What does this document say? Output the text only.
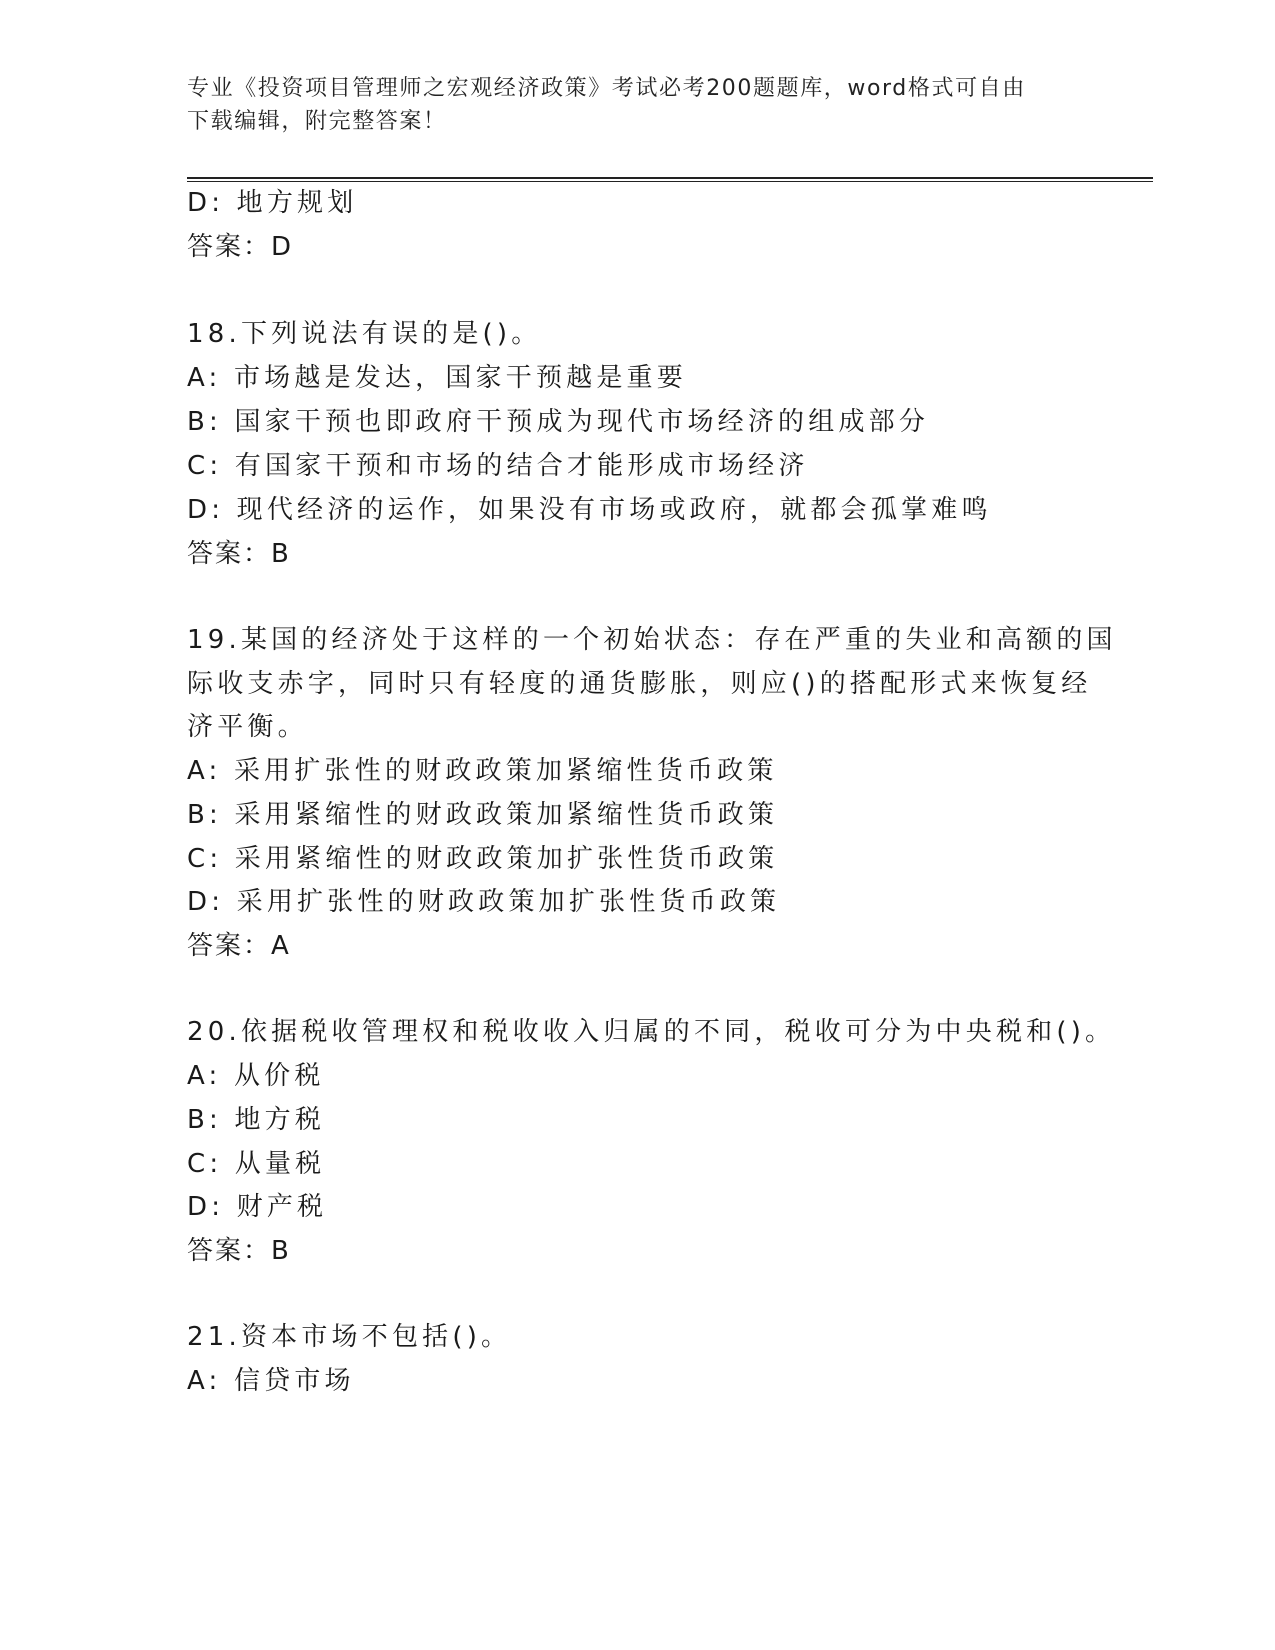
专业《投资项目管理师之宏观经济政策》考试必考200题题库，word格式可自由
下载编辑，附完整答案！
D: 地方规划
答案：D
18.下列说法有误的是()。
A: 市场越是发达，国家干预越是重要
B: 国家干预也即政府干预成为现代市场经济的组成部分
C: 有国家干预和市场的结合才能形成市场经济
D: 现代经济的运作，如果没有市场或政府，就都会孤掌难鸣
答案：B
19.某国的经济处于这样的一个初始状态：存在严重的失业和高额的国
际收支赤字，同时只有轻度的通货膨胀，则应()的搭配形式来恢复经
济平衡。
A: 采用扩张性的财政政策加紧缩性货币政策
B: 采用紧缩性的财政政策加紧缩性货币政策
C: 采用紧缩性的财政政策加扩张性货币政策
D: 采用扩张性的财政政策加扩张性货币政策
答案：A
20.依据税收管理权和税收收入归属的不同，税收可分为中央税和()。
A: 从价税
B: 地方税
C: 从量税
D: 财产税
答案：B
21.资本市场不包括()。
A: 信贷市场
